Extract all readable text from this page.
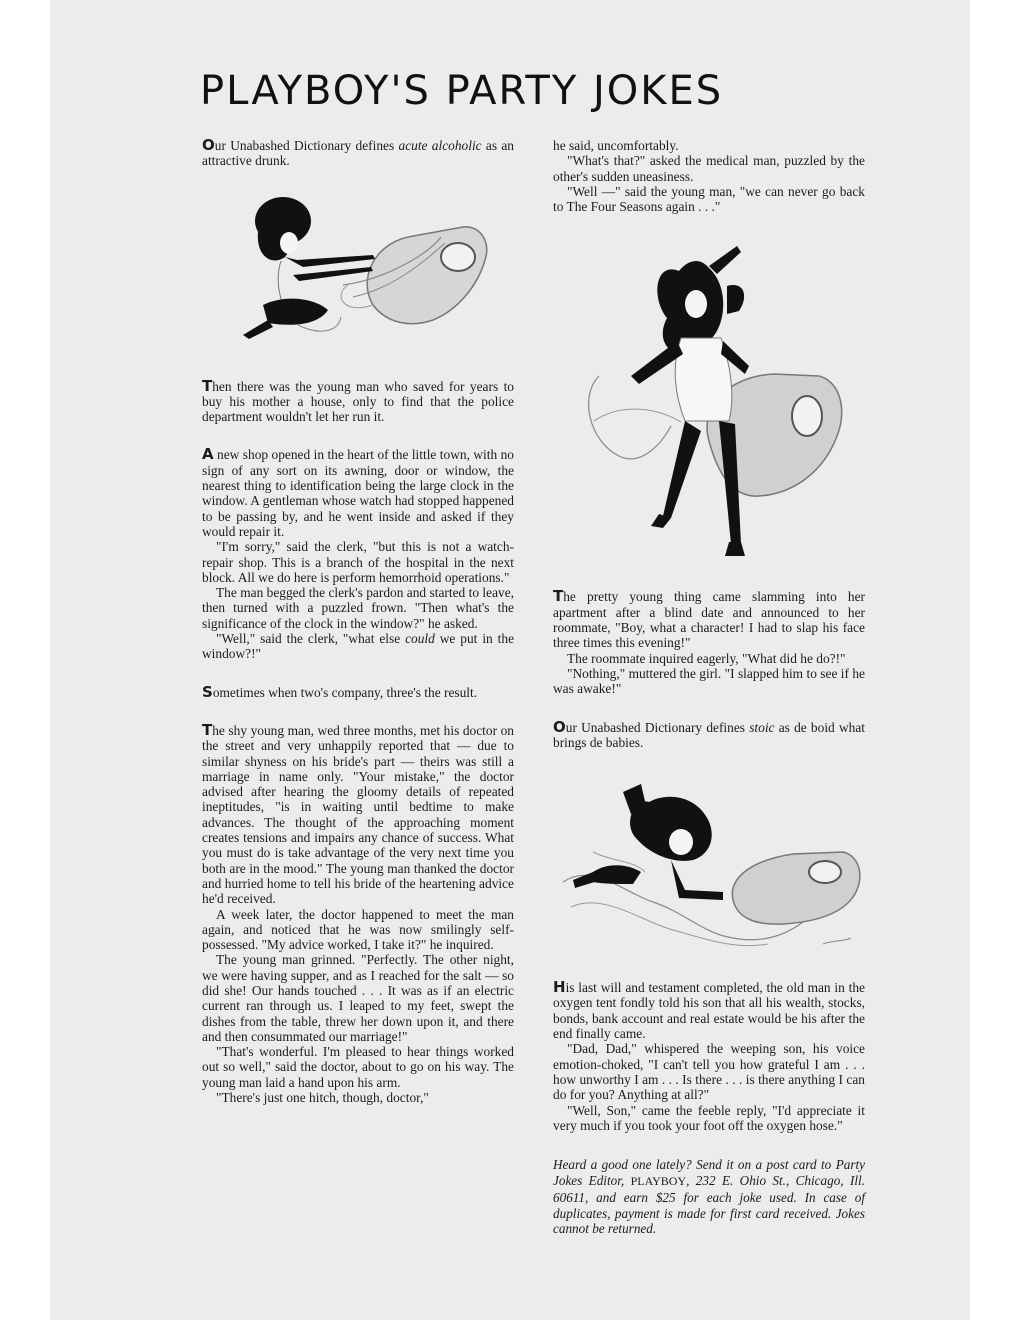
PLAYBOY'S PARTY JOKES

Our Unabashed Dictionary defines acute alcoholic as an attractive drunk.

Then there was the young man who saved for years to buy his mother a house, only to find that the police department wouldn't let her run it.

A new shop opened in the heart of the little town, with no sign of any sort on its awning, door or window, the nearest thing to identification being the large clock in the window. A gentleman whose watch had stopped happened to be passing by, and he went inside and asked if they would repair it.

"I'm sorry," said the clerk, "but this is not a watch-repair shop. This is a branch of the hospital in the next block. All we do here is perform hemorrhoid operations."

The man begged the clerk's pardon and started to leave, then turned with a puzzled frown. "Then what's the significance of the clock in the window?" he asked.

"Well," said the clerk, "what else could we put in the window?!"

Sometimes when two's company, three's the result.

The shy young man, wed three months, met his doctor on the street and very unhappily reported that — due to similar shyness on his bride's part — theirs was still a marriage in name only. "Your mistake," the doctor advised after hearing the gloomy details of repeated ineptitudes, "is in waiting until bedtime to make advances. The thought of the approaching moment creates tensions and impairs any chance of success. What you must do is take advantage of the very next time you both are in the mood." The young man thanked the doctor and hurried home to tell his bride of the heartening advice he'd received.

A week later, the doctor happened to meet the man again, and noticed that he was now smilingly self-possessed. "My advice worked, I take it?" he inquired.

The young man grinned. "Perfectly. The other night, we were having supper, and as I reached for the salt — so did she! Our hands touched . . . It was as if an electric current ran through us. I leaped to my feet, swept the dishes from the table, threw her down upon it, and there and then consummated our marriage!"

"That's wonderful. I'm pleased to hear things worked out so well," said the doctor, about to go on his way. The young man laid a hand upon his arm.

"There's just one hitch, though, doctor,"

he said, uncomfortably.

"What's that?" asked the medical man, puzzled by the other's sudden uneasiness.

"Well —" said the young man, "we can never go back to The Four Seasons again . . ."

The pretty young thing came slamming into her apartment after a blind date and announced to her roommate, "Boy, what a character! I had to slap his face three times this evening!"

The roommate inquired eagerly, "What did he do?!"

"Nothing," muttered the girl. "I slapped him to see if he was awake!"

Our Unabashed Dictionary defines stoic as de boid what brings de babies.

His last will and testament completed, the old man in the oxygen tent fondly told his son that all his wealth, stocks, bonds, bank account and real estate would be his after the end finally came.

"Dad, Dad," whispered the weeping son, his voice emotion-choked, "I can't tell you how grateful I am . . . how unworthy I am . . . Is there . . . is there anything I can do for you? Anything at all?"

"Well, Son," came the feeble reply, "I'd appreciate it very much if you took your foot off the oxygen hose."

Heard a good one lately? Send it on a post card to Party Jokes Editor, PLAYBOY, 232 E. Ohio St., Chicago, Ill. 60611, and earn $25 for each joke used. In case of duplicates, payment is made for first card received. Jokes cannot be returned.
